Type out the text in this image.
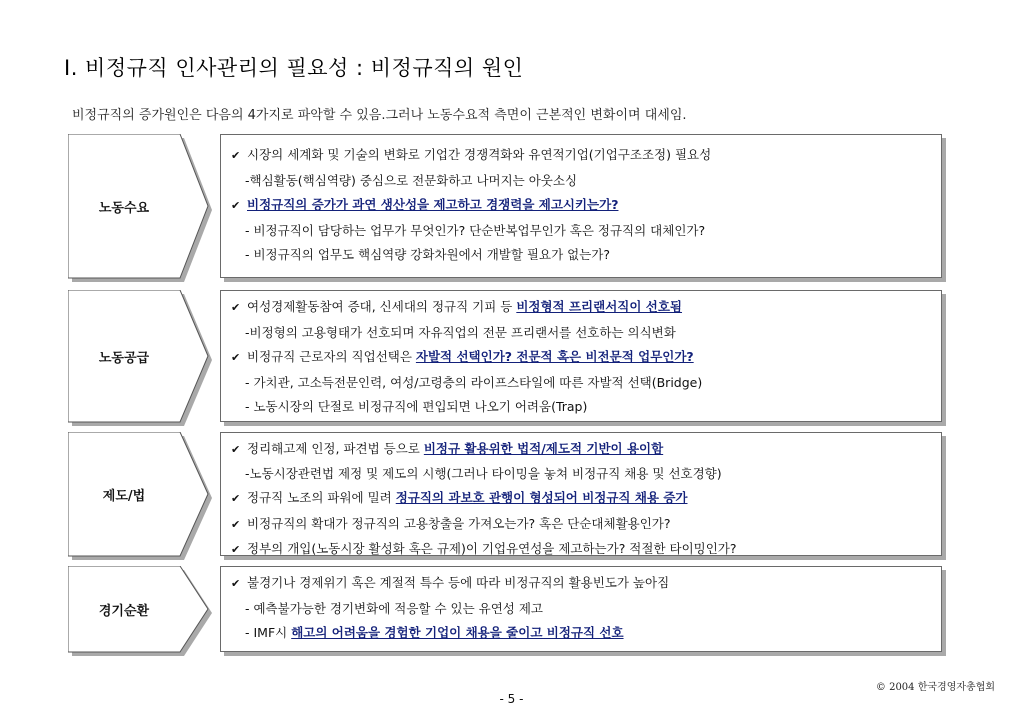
Ⅰ. 비정규직 인사관리의 필요성 : 비정규직의 원인
비정규직의 증가원인은 다음의 4가지로 파악할 수 있음.그러나 노동수요적 측면이 근본적인 변화이며 대세임.
노동수요
✔ 시장의 세계화 및 기술의 변화로 기업간 경쟁격화와 유연적기업(기업구조조정) 필요성
-핵심활동(핵심역량) 중심으로 전문화하고 나머지는 아웃소싱
✔ 비정규직의 증가가 과연 생산성을 제고하고 경쟁력을 제고시키는가?
- 비정규직이 담당하는 업무가 무엇인가? 단순반복업무인가 혹은 정규직의 대체인가?
- 비정규직의 업무도 핵심역량 강화차원에서 개발할 필요가 없는가?
노동공급
✔ 여성경제활동참여 증대, 신세대의 정규직 기피 등 비정형적 프리랜서직이 선호됨
-비정형의 고용형태가 선호되며 자유직업의 전문 프리랜서를 선호하는 의식변화
✔ 비정규직 근로자의 직업선택은 자발적 선택인가? 전문적 혹은 비전문적 업무인가?
- 가치관, 고소득전문인력, 여성/고령층의 라이프스타일에 따른 자발적 선택(Bridge)
- 노동시장의 단절로 비정규직에 편입되면 나오기 어려움(Trap)
제도/법
✔ 정리해고제 인정, 파견법 등으로 비정규 활용위한 법적/제도적 기반이 용이함
-노동시장관련법 제정 및 제도의 시행(그러나 타이밍을 놓쳐 비정규직 채용 및 선호경향)
✔ 정규직 노조의 파워에 밀려 정규직의 과보호 관행이 형성되어 비정규직 채용 증가
✔ 비정규직의 확대가 정규직의 고용창출을 가져오는가? 혹은 단순대체활용인가?
✔ 정부의 개입(노동시장 활성화 혹은 규제)이 기업유연성을 제고하는가? 적절한 타이밍인가?
경기순환
✔ 불경기나 경제위기 혹은 계절적 특수 등에 따라 비정규직의 활용빈도가 높아짐
- 예측불가능한 경기변화에 적응할 수 있는 유연성 제고
- IMF시 해고의 어려움을 경험한 기업이 채용을 줄이고 비정규직 선호
© 2004 한국경영자총협회
- 5 -
